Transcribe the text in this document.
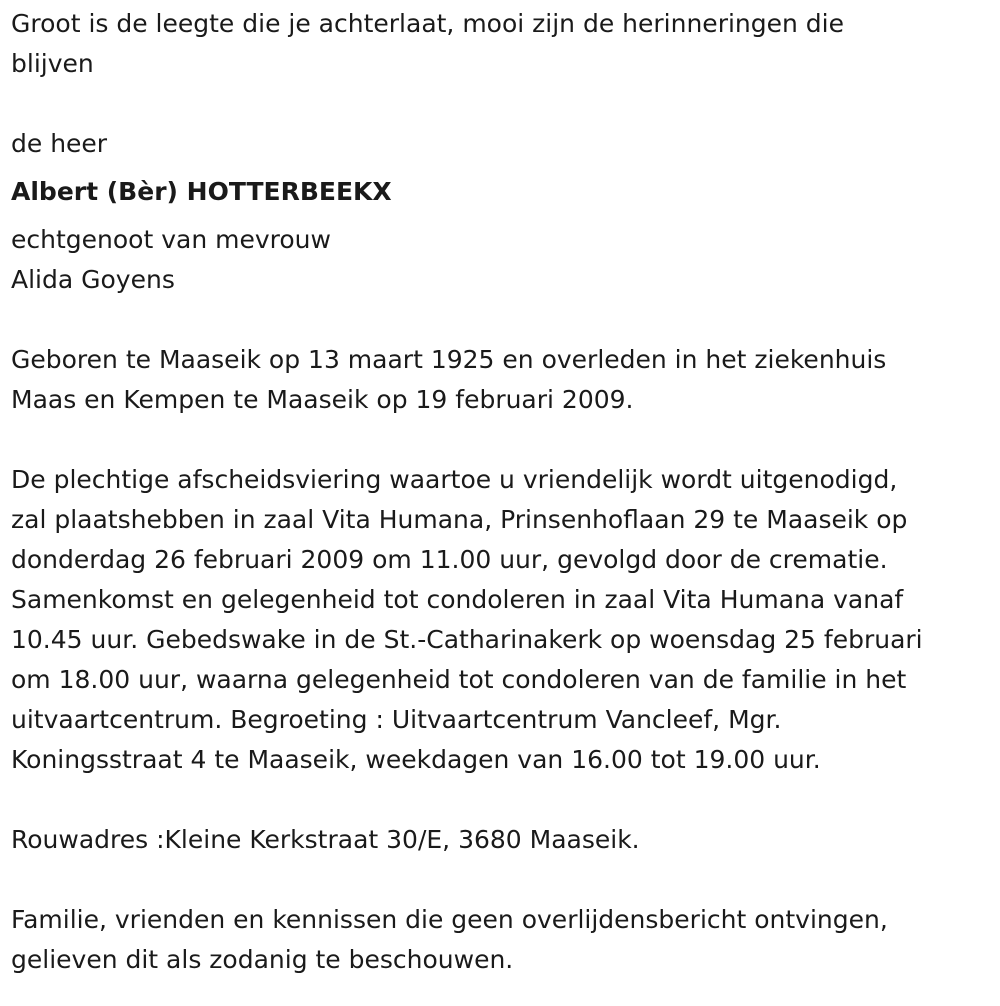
Groot is de leegte die je achterlaat, mooi zijn de herinneringen die
blijven
de heer
Albert (Bèr) HOTTERBEEKX
echtgenoot van mevrouw
Alida Goyens
Geboren te Maaseik op 13 maart 1925 en overleden in het ziekenhuis
Maas en Kempen te Maaseik op 19 februari 2009.
De plechtige afscheidsviering waartoe u vriendelijk wordt uitgenodigd,
zal plaatshebben in zaal Vita Humana, Prinsenhoflaan 29 te Maaseik op
donderdag 26 februari 2009 om 11.00 uur, gevolgd door de crematie.
Samenkomst en gelegenheid tot condoleren in zaal Vita Humana vanaf
10.45 uur. Gebedswake in de St.-Catharinakerk op woensdag 25 februari
om 18.00 uur, waarna gelegenheid tot condoleren van de familie in het
uitvaartcentrum. Begroeting : Uitvaartcentrum Vancleef, Mgr.
Koningsstraat 4 te Maaseik, weekdagen van 16.00 tot 19.00 uur.
Rouwadres :Kleine Kerkstraat 30/E, 3680 Maaseik.
Familie, vrienden en kennissen die geen overlijdensbericht ontvingen,
gelieven dit als zodanig te beschouwen.
